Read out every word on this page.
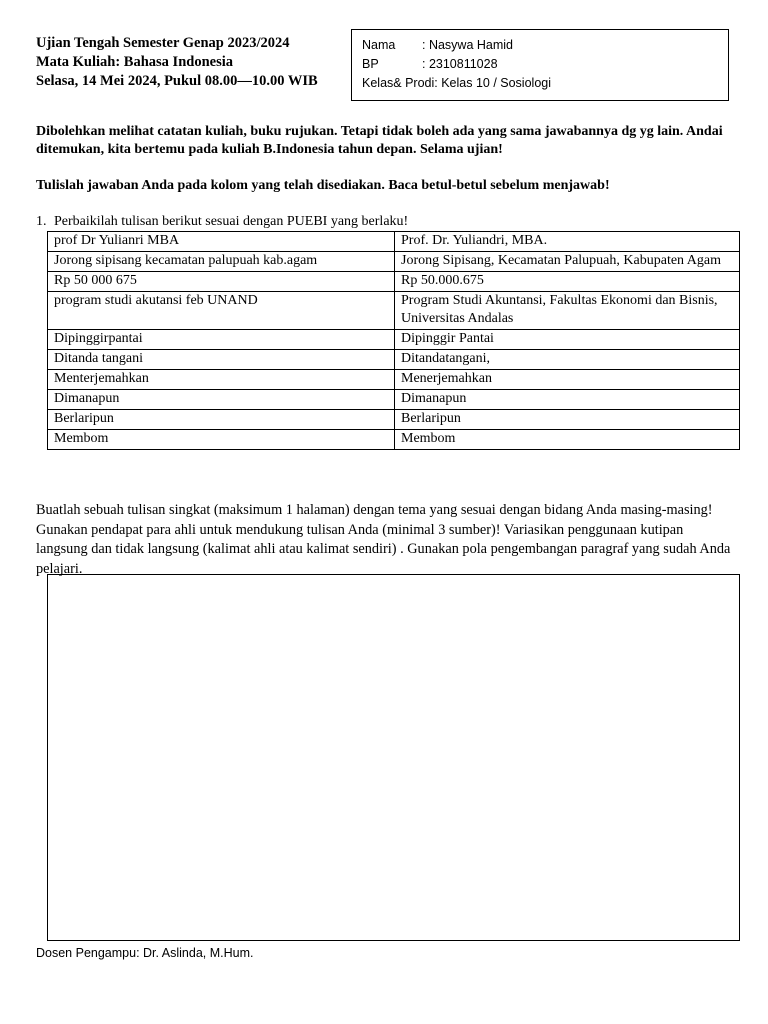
Ujian Tengah Semester Genap 2023/2024
Mata Kuliah: Bahasa Indonesia
Selasa, 14 Mei 2024, Pukul 08.00—10.00 WIB
Nama : Nasywa Hamid
BP	: 2310811028
Kelas& Prodi: Kelas 10 / Sosiologi
Dibolehkan melihat catatan kuliah, buku rujukan. Tetapi tidak boleh ada yang sama jawabannya dg yg lain. Andai ditemukan, kita bertemu pada kuliah B.Indonesia tahun depan. Selama ujian!
Tulislah jawaban Anda pada kolom yang telah disediakan. Baca betul-betul sebelum menjawab!
1. Perbaikilah tulisan berikut sesuai dengan PUEBI yang berlaku!
prof Dr Yulianri MBA	Prof. Dr. Yuliandri, MBA.
Jorong sipisang kecamatan palupuah kab.agam	Jorong Sipisang, Kecamatan Palupuah, Kabupaten Agam
Rp 50 000 675	Rp 50.000.675
program studi akutansi feb UNAND	Program Studi Akuntansi, Fakultas Ekonomi dan Bisnis, Universitas Andalas
Dipinggirpantai	Dipinggir Pantai
Ditanda tangani	Ditandatangani,
Menterjemahkan	Menerjemahkan
Dimanapun	Dimanapun
Berlaripun	Berlaripun
Membom	Membom
Buatlah sebuah tulisan singkat (maksimum 1 halaman) dengan tema yang sesuai dengan bidang Anda masing-masing! Gunakan pendapat para ahli untuk mendukung tulisan Anda (minimal 3 sumber)! Variasikan penggunaan kutipan langsung dan tidak langsung (kalimat ahli atau kalimat sendiri) . Gunakan pola pengembangan paragraf yang sudah Anda pelajari.
Dosen Pengampu: Dr. Aslinda, M.Hum.
